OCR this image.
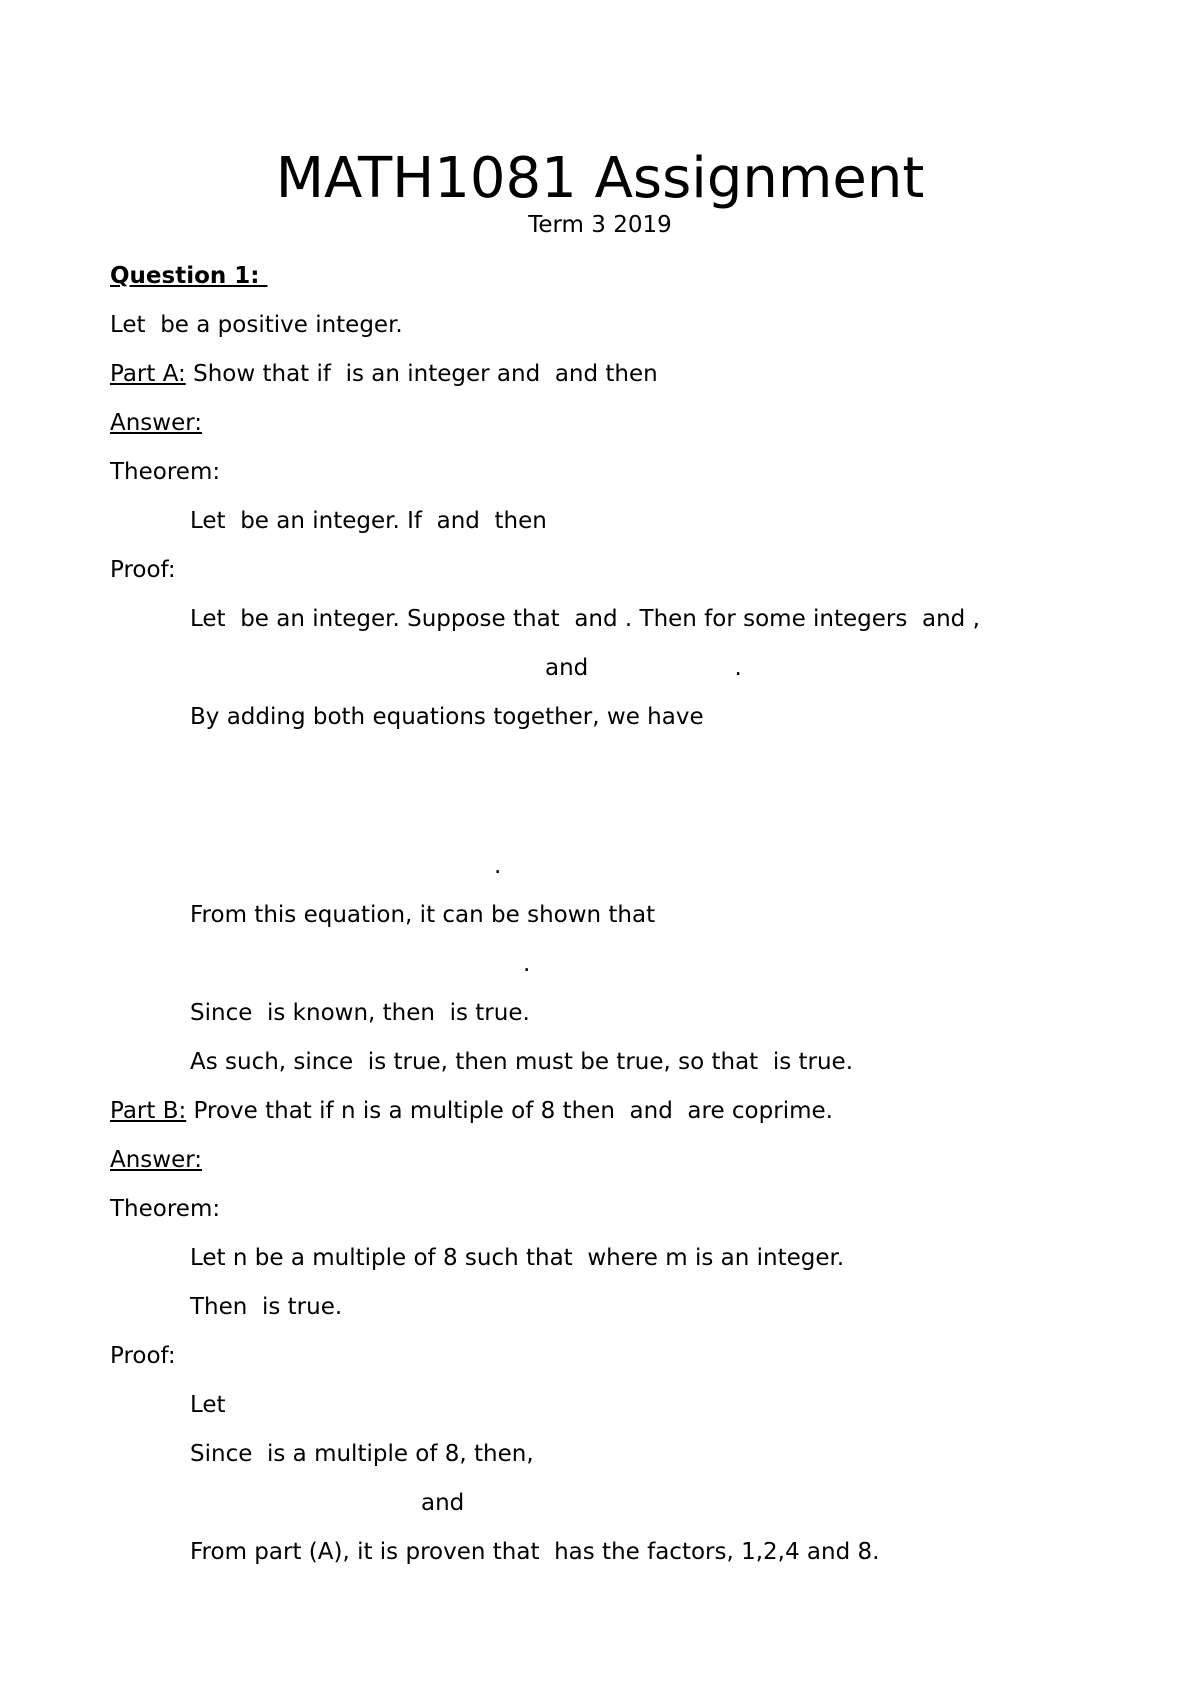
MATH1081 Assignment
Term 3 2019
Question 1:
Let  be a positive integer.
Part A: Show that if  is an integer and  and then
Answer:
Theorem:
Let  be an integer. If  and  then
Proof:
Let  be an integer. Suppose that  and . Then for some integers  and ,
and                    .
By adding both equations together, we have
.
From this equation, it can be shown that
.
Since  is known, then  is true.
As such, since  is true, then must be true, so that  is true.
Part B: Prove that if n is a multiple of 8 then  and  are coprime.
Answer:
Theorem:
Let n be a multiple of 8 such that  where m is an integer.
Then  is true.
Proof:
Let
Since  is a multiple of 8, then,
and
From part (A), it is proven that  has the factors, 1,2,4 and 8.
